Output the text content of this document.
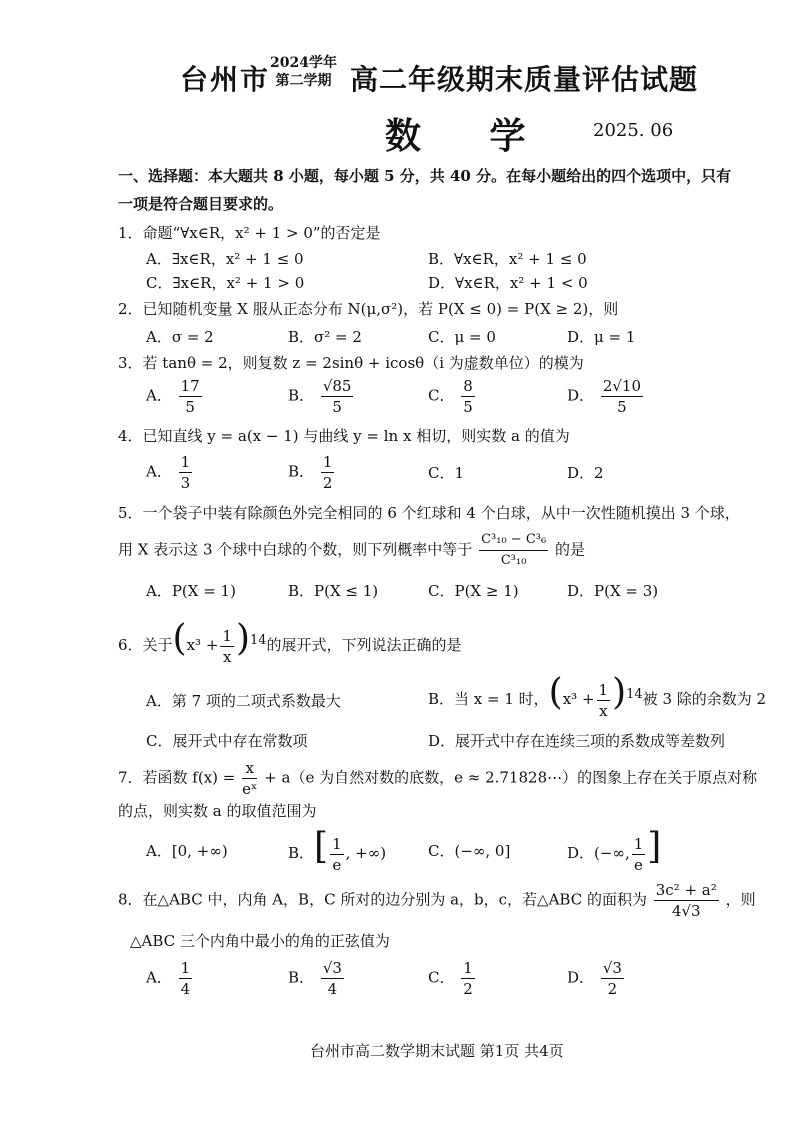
台州市 2024学年
第二学期 高二年级期末质量评估试题
数 学 2025. 06
一、选择题：本大题共 8 小题，每小题 5 分，共 40 分。在每小题给出的四个选项中，只有
一项是符合题目要求的。
1．命题“∀x∈R，x² + 1 > 0”的否定是
A．∃x∈R，x² + 1 ≤ 0	B．∀x∈R，x² + 1 ≤ 0
C．∃x∈R，x² + 1 > 0	D．∀x∈R，x² + 1 < 0
2．已知随机变量 X 服从正态分布 N(μ,σ²)，若 P(X ≤ 0) = P(X ≥ 2)，则
A．σ = 2	B．σ² = 2	C．μ = 0	D．μ = 1
3．若 tanθ = 2，则复数 z = 2sinθ + icosθ（i 为虚数单位）的模为
A． $\frac{17}{5}$	B． $\frac{√85}{5}$	C． $\frac{8}{5}$	D． $\frac{2√10}{5}$
4．已知直线 y = a(x − 1) 与曲线 y = ln x 相切，则实数 a 的值为
A． $\frac{1}{3}$	B． $\frac{1}{2}$	C．1	D．2
5．一个袋子中装有除颜色外完全相同的 6 个红球和 4 个白球，从中一次性随机摸出 3 个球，
用 X 表示这 3 个球中白球的个数，则下列概率中等于 $\frac{\text{C³₁₀ − C³₆}}{\text{C³₁₀}}$ 的是
A．P(X = 1)	B．P(X ≤ 1)	C．P(X ≥ 1)	D．P(X = 3)
6．关于$(x^3 + \frac{1}{x} )^{14}$的展开式，下列说法正确的是
A．第 7 项的二项式系数最大	B．当 x = 1 时，$(x^3 + \frac{1}{x} )^{14}$被 3 除的余数为 2
C．展开式中存在常数项	D．展开式中存在连续三项的系数成等差数列
7．若函数 $f(x) = \frac{x}{\text{eˣ}} + a(e$ 为自然对数的底数，e ≈ 2.71828⋯）的图象上存在关于原点对称
的点，则实数 a 的取值范围为
A．[0, +∞)	B．[ $\frac{1}{e}$ , +∞)	C．(−∞, 0]	D．(−∞, $\frac{1}{e}$ ]
8．在△ABC 中，内角 A，B，C 所对的边分别为 a，b，c，若△ABC 的面积为 $\frac{\text{3c² + a²}}{4√3}$ ，则
△ABC 三个内角中最小的角的正弦值为
A． $\frac{1}{4}$	B． $\frac{√3}{4}$	C． $\frac{1}{2}$	D． $\frac{√3}{2}$
台州市高二数学期末试题 第1页 共4页
